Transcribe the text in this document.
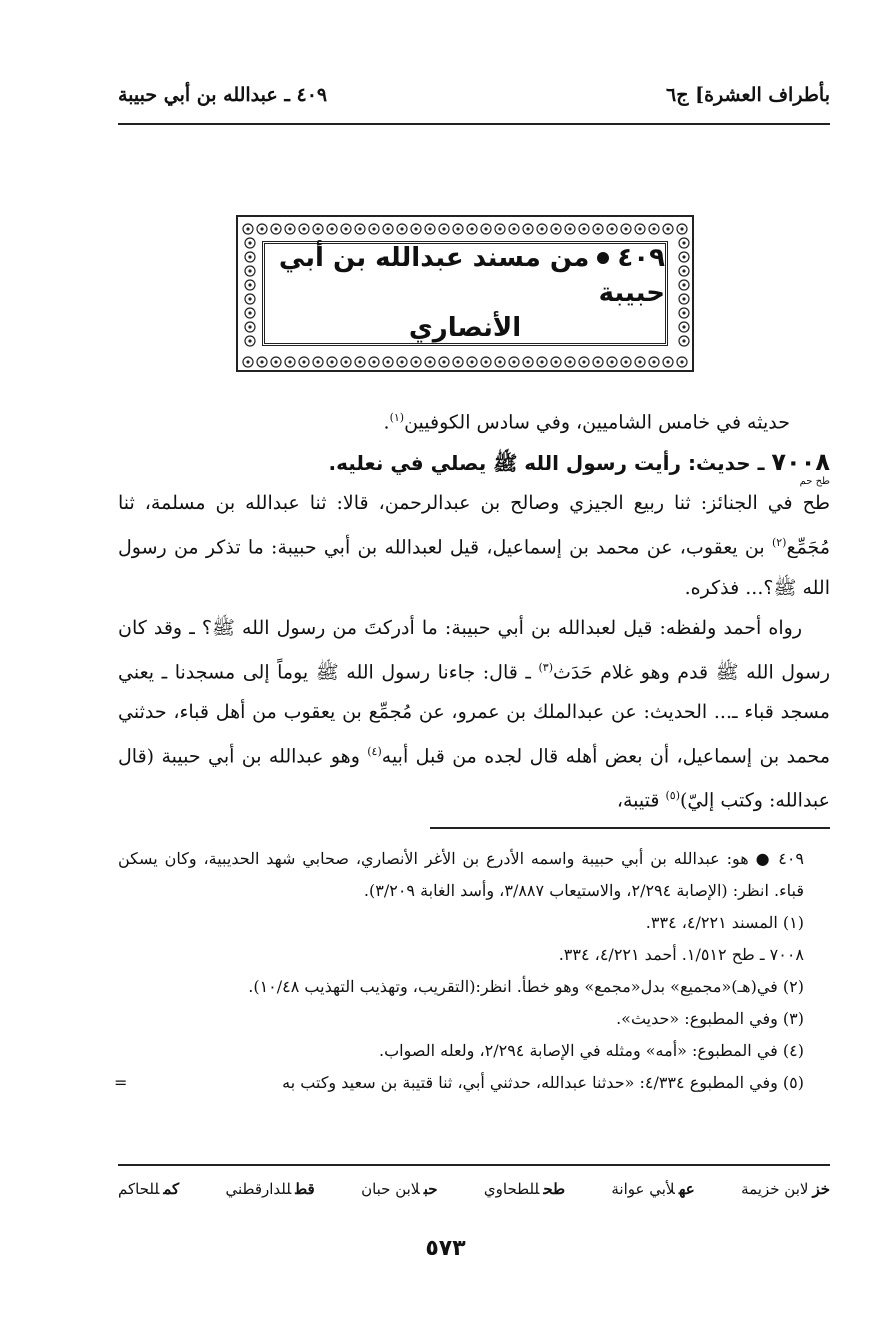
بأطراف العشرة] ج٦
٤٠٩ ـ عبدالله بن أبي حبيبة
٤٠٩من مسند عبدالله بن أبي حبيبة
الأنصاري

حديثه في خامس الشاميين، وفي سادس الكوفيين$^{(١)}$.

٧٠٠٨ ـ حديث: رأيت رسول الله ﷺ يصلي في نعليه.

طح حم

طح في الجنائز: ثنا ربيع الجيزي وصالح بن عبدالرحمن، قالا: ثنا عبدالله بن مسلمة، ثنا مُجَمِّع$^{(٢)}$ بن يعقوب، عن محمد بن إسماعيل، قيل لعبدالله بن أبي حبيبة: ما تذكر من رسول الله ﷺ؟... فذكره.

رواه أحمد ولفظه: قيل لعبدالله بن أبي حبيبة: ما أدركتَ من رسول الله ﷺ؟ ـ وقد كان رسول الله ﷺ قدم وهو غلام حَدَث$^{(٣)}$ ـ قال: جاءنا رسول الله ﷺ يوماً إلى مسجدنا ـ يعني مسجد قباء ـ... الحديث: عن عبدالملك بن عمرو، عن مُجمِّع بن يعقوب من أهل قباء، حدثني محمد بن إسماعيل، أن بعض أهله قال لجده من قبل أبيه$^{(٤)}$ وهو عبدالله بن أبي حبيبة (قال عبدالله: وكتب إليّ)$^{(٥)}$ قتيبة،

٤٠٩ ● هو: عبدالله بن أبي حبيبة واسمه الأدرع بن الأغر الأنصاري، صحابي شهد الحديبية، وكان يسكن قباء. انظر: (الإصابة ٢/٢٩٤، والاستيعاب ٣/٨٨٧، وأسد الغابة ٣/٢٠٩).

(١) المسند ٤/٢٢١، ٣٣٤.

٧٠٠٨ ـ طح ١/٥١٢. أحمد ٤/٢٢١، ٣٣٤.

(٢) في(هـ)«مجميع» بدل«مجمع» وهو خطأ. انظر:(التقريب، وتهذيب التهذيب ١٠/٤٨).

(٣) وفي المطبوع: «حديث».

(٤) في المطبوع: «أمه» ومثله في الإصابة ٢/٢٩٤، ولعله الصواب.

(٥) وفي المطبوع ٤/٣٣٤: «حدثنا عبدالله، حدثني أبي، ثنا قتيبة بن سعيد وكتب به
=

خزلابن خزيمة
عهلأبي عوانة
طحللطحاوي
حبلابن حبان
قطللدارقطني
كمللحاكم
٥٧٣
